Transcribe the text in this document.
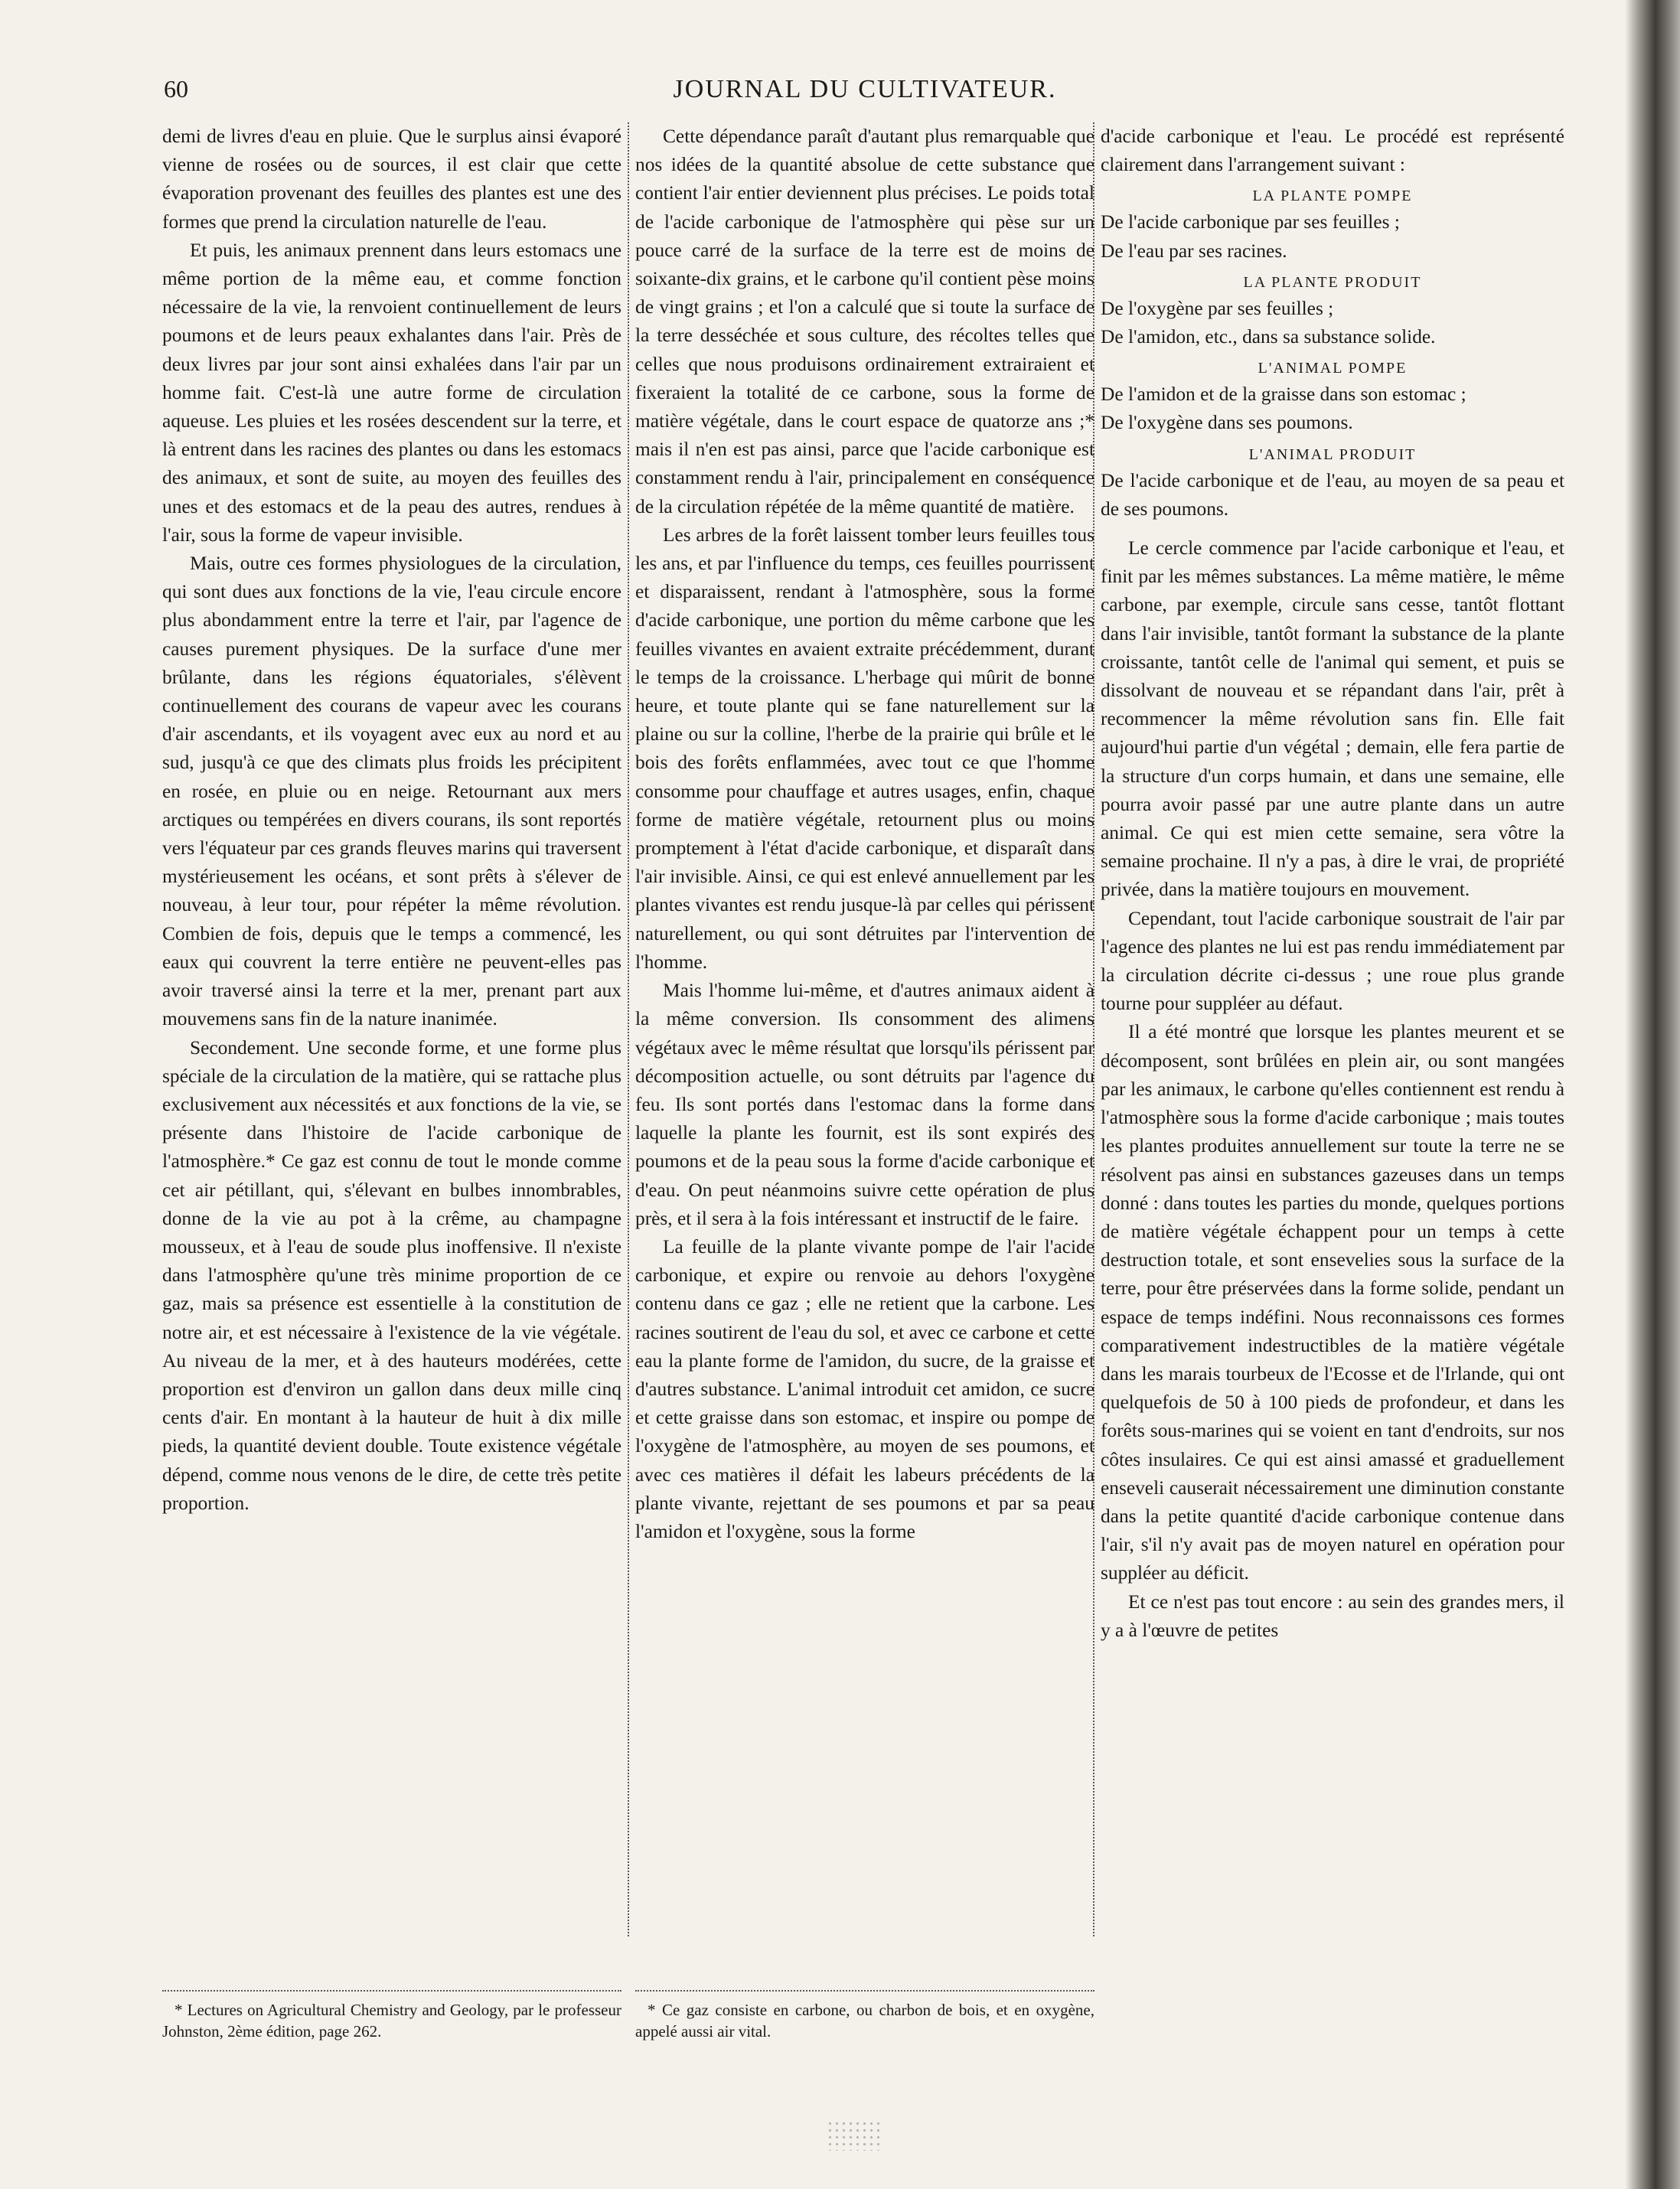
60	JOURNAL DU CULTIVATEUR.

demi de livres d'eau en pluie. Que le surplus ainsi évaporé vienne de rosées ou de sources, il est clair que cette évaporation provenant des feuilles des plantes est une des formes que prend la circulation naturelle de l'eau.

Et puis, les animaux prennent dans leurs estomacs une même portion de la même eau, et comme fonction nécessaire de la vie, la renvoient continuellement de leurs poumons et de leurs peaux exhalantes dans l'air. Près de deux livres par jour sont ainsi exhalées dans l'air par un homme fait. C'est-là une autre forme de circulation aqueuse. Les pluies et les rosées descendent sur la terre, et là entrent dans les racines des plantes ou dans les estomacs des animaux, et sont de suite, au moyen des feuilles des unes et des estomacs et de la peau des autres, rendues à l'air, sous la forme de vapeur invisible.

Mais, outre ces formes physiologues de la circulation, qui sont dues aux fonctions de la vie, l'eau circule encore plus abondamment entre la terre et l'air, par l'agence de causes purement physiques. De la surface d'une mer brûlante, dans les régions équatoriales, s'élèvent continuellement des courans de vapeur avec les courans d'air ascendants, et ils voyagent avec eux au nord et au sud, jusqu'à ce que des climats plus froids les précipitent en rosée, en pluie ou en neige. Retournant aux mers arctiques ou tempérées en divers courans, ils sont reportés vers l'équateur par ces grands fleuves marins qui traversent mystérieusement les océans, et sont prêts à s'élever de nouveau, à leur tour, pour répéter la même révolution. Combien de fois, depuis que le temps a commencé, les eaux qui couvrent la terre entière ne peuvent-elles pas avoir traversé ainsi la terre et la mer, prenant part aux mouvemens sans fin de la nature inanimée.

Secondement. Une seconde forme, et une forme plus spéciale de la circulation de la matière, qui se rattache plus exclusivement aux nécessités et aux fonctions de la vie, se présente dans l'histoire de l'acide carbonique de l'atmosphère.* Ce gaz est connu de tout le monde comme cet air pétillant, qui, s'élevant en bulbes innombrables, donne de la vie au pot à la crême, au champagne mousseux, et à l'eau de soude plus inoffensive. Il n'existe dans l'atmosphère qu'une très minime proportion de ce gaz, mais sa présence est essentielle à la constitution de notre air, et est nécessaire à l'existence de la vie végétale. Au niveau de la mer, et à des hauteurs modérées, cette proportion est d'environ un gallon dans deux mille cinq cents d'air. En montant à la hauteur de huit à dix mille pieds, la quantité devient double. Toute existence végétale dépend, comme nous venons de le dire, de cette très petite proportion.

Cette dépendance paraît d'autant plus remarquable que nos idées de la quantité absolue de cette substance que contient l'air entier deviennent plus précises. Le poids total de l'acide carbonique de l'atmosphère qui pèse sur un pouce carré de la surface de la terre est de moins de soixante-dix grains, et le carbone qu'il contient pèse moins de vingt grains ; et l'on a calculé que si toute la surface de la terre desséchée et sous culture, des récoltes telles que celles que nous produisons ordinairement extrairaient et fixeraient la totalité de ce carbone, sous la forme de matière végétale, dans le court espace de quatorze ans ;* mais il n'en est pas ainsi, parce que l'acide carbonique est constamment rendu à l'air, principalement en conséquence de la circulation répétée de la même quantité de matière.

Les arbres de la forêt laissent tomber leurs feuilles tous les ans, et par l'influence du temps, ces feuilles pourrissent et disparaissent, rendant à l'atmosphère, sous la forme d'acide carbonique, une portion du même carbone que les feuilles vivantes en avaient extraite précédemment, durant le temps de la croissance. L'herbage qui mûrit de bonne heure, et toute plante qui se fane naturellement sur la plaine ou sur la colline, l'herbe de la prairie qui brûle et le bois des forêts enflammées, avec tout ce que l'homme consomme pour chauffage et autres usages, enfin, chaque forme de matière végétale, retournent plus ou moins promptement à l'état d'acide carbonique, et disparaît dans l'air invisible. Ainsi, ce qui est enlevé annuellement par les plantes vivantes est rendu jusque-là par celles qui périssent naturellement, ou qui sont détruites par l'intervention de l'homme.

Mais l'homme lui-même, et d'autres animaux aident à la même conversion. Ils consomment des alimens végétaux avec le même résultat que lorsqu'ils périssent par décomposition actuelle, ou sont détruits par l'agence du feu. Ils sont portés dans l'estomac dans la forme dans laquelle la plante les fournit, est ils sont expirés des poumons et de la peau sous la forme d'acide carbonique et d'eau. On peut néanmoins suivre cette opération de plus près, et il sera à la fois intéressant et instructif de le faire.

La feuille de la plante vivante pompe de l'air l'acide carbonique, et expire ou renvoie au dehors l'oxygène contenu dans ce gaz ; elle ne retient que la carbone. Les racines soutirent de l'eau du sol, et avec ce carbone et cette eau la plante forme de l'amidon, du sucre, de la graisse et d'autres substance. L'animal introduit cet amidon, ce sucre et cette graisse dans son estomac, et inspire ou pompe de l'oxygène de l'atmosphère, au moyen de ses poumons, et avec ces matières il défait les labeurs précédents de la plante vivante, rejettant de ses poumons et par sa peau l'amidon et l'oxygène, sous la forme

d'acide carbonique et l'eau. Le procédé est représenté clairement dans l'arrangement suivant :

LA PLANTE POMPE

De l'acide carbonique par ses feuilles ;

De l'eau par ses racines.

LA PLANTE PRODUIT

De l'oxygène par ses feuilles ;

De l'amidon, etc., dans sa substance solide.

L'ANIMAL POMPE

De l'amidon et de la graisse dans son estomac ;

De l'oxygène dans ses poumons.

L'ANIMAL PRODUIT

De l'acide carbonique et de l'eau, au moyen de sa peau et de ses poumons.

Le cercle commence par l'acide carbonique et l'eau, et finit par les mêmes substances. La même matière, le même carbone, par exemple, circule sans cesse, tantôt flottant dans l'air invisible, tantôt formant la substance de la plante croissante, tantôt celle de l'animal qui sement, et puis se dissolvant de nouveau et se répandant dans l'air, prêt à recommencer la même révolution sans fin. Elle fait aujourd'hui partie d'un végétal ; demain, elle fera partie de la structure d'un corps humain, et dans une semaine, elle pourra avoir passé par une autre plante dans un autre animal. Ce qui est mien cette semaine, sera vôtre la semaine prochaine. Il n'y a pas, à dire le vrai, de propriété privée, dans la matière toujours en mouvement.

Cependant, tout l'acide carbonique soustrait de l'air par l'agence des plantes ne lui est pas rendu immédiatement par la circulation décrite ci-dessus ; une roue plus grande tourne pour suppléer au défaut.

Il a été montré que lorsque les plantes meurent et se décomposent, sont brûlées en plein air, ou sont mangées par les animaux, le carbone qu'elles contiennent est rendu à l'atmosphère sous la forme d'acide carbonique ; mais toutes les plantes produites annuellement sur toute la terre ne se résolvent pas ainsi en substances gazeuses dans un temps donné : dans toutes les parties du monde, quelques portions de matière végétale échappent pour un temps à cette destruction totale, et sont ensevelies sous la surface de la terre, pour être préservées dans la forme solide, pendant un espace de temps indéfini. Nous reconnaissons ces formes comparativement indestructibles de la matière végétale dans les marais tourbeux de l'Ecosse et de l'Irlande, qui ont quelquefois de 50 à 100 pieds de profondeur, et dans les forêts sous-marines qui se voient en tant d'endroits, sur nos côtes insulaires. Ce qui est ainsi amassé et graduellement enseveli causerait nécessairement une diminution constante dans la petite quantité d'acide carbonique contenue dans l'air, s'il n'y avait pas de moyen naturel en opération pour suppléer au déficit.

Et ce n'est pas tout encore : au sein des grandes mers, il y a à l'œuvre de petites

* Lectures on Agricultural Chemistry and Geology, par le professeur Johnston, 2ème édition, page 262.
* Ce gaz consiste en carbone, ou charbon de bois, et en oxygène, appelé aussi air vital.
